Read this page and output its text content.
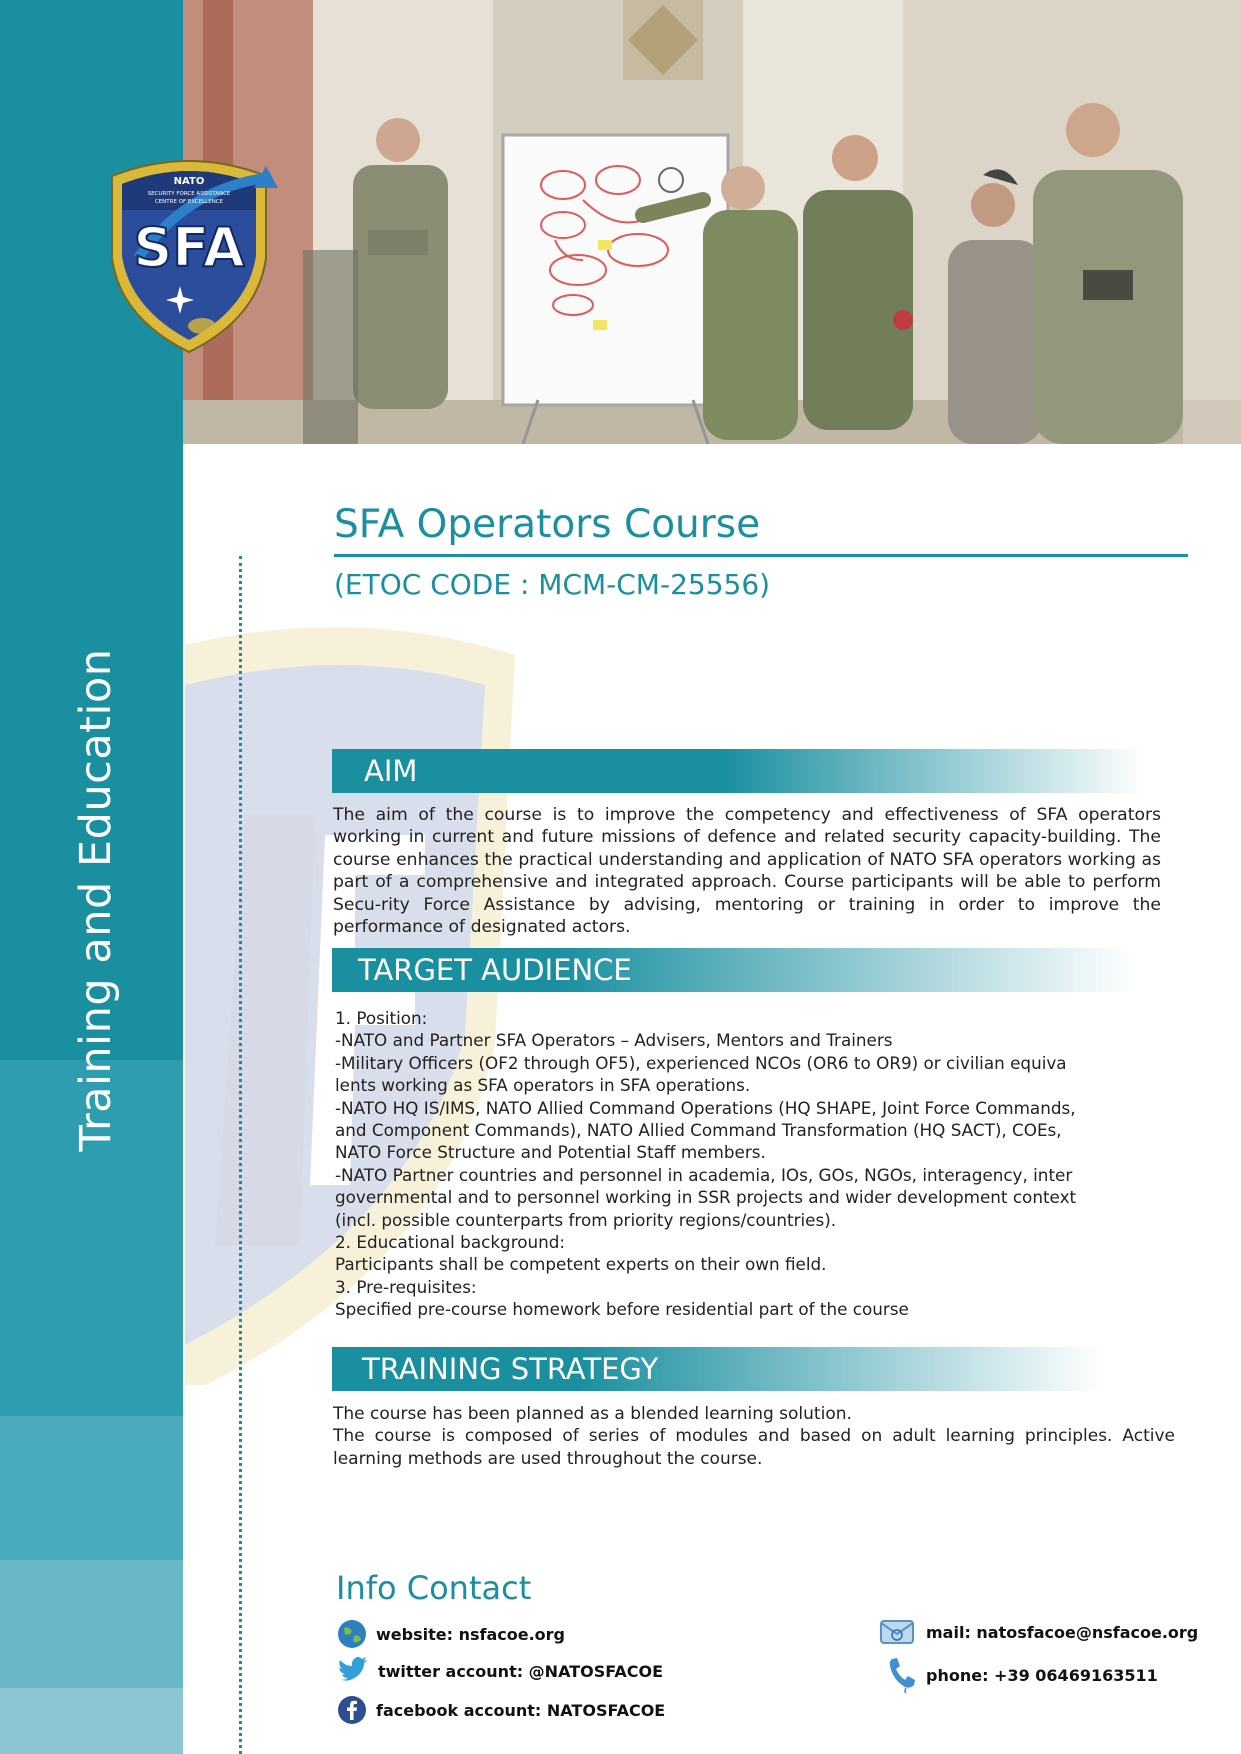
Training and Education
NATO
SECURITY FORCE ASSISTANCE
CENTRE OF EXCELLENCE
SFA
SFA Operators Course
(ETOC CODE : MCM-CM-25556)
AIM
The aim of the course is to improve the competency and effectiveness of SFA operators working in current and future missions of defence and related security capacity-building. The course enhances the practical understanding and application of NATO SFA operators working as part of a comprehensive and integrated approach. Course participants will be able to perform Secu-rity Force Assistance by advising, mentoring or training in order to improve the performance of designated actors.
TARGET AUDIENCE
1. Position:
-NATO and Partner SFA Operators – Advisers, Mentors and Trainers
-Military Officers (OF2 through OF5), experienced NCOs (OR6 to OR9) or civilian equiva
lents working as SFA operators in SFA operations.
-NATO HQ IS/IMS, NATO Allied Command Operations (HQ SHAPE, Joint Force Commands,
and Component Commands), NATO Allied Command Transformation (HQ SACT), COEs,
NATO Force Structure and Potential Staff members.
-NATO Partner countries and personnel in academia, IOs, GOs, NGOs, interagency, inter
governmental and to personnel working in SSR projects and wider development context
(incl. possible counterparts from priority regions/countries).
2. Educational background:
Participants shall be competent experts on their own field.
3. Pre-requisites:
Specified pre-course homework before residential part of the course
TRAINING STRATEGY
The course has been planned as a blended learning solution.
The course is composed of series of modules and based on adult learning principles. Active learning methods are used throughout the course.
Info Contact
website: nsfacoe.org
twitter account: @NATOSFACOE
facebook account: NATOSFACOE
mail: natosfacoe@nsfacoe.org
phone: +39 06469163511
